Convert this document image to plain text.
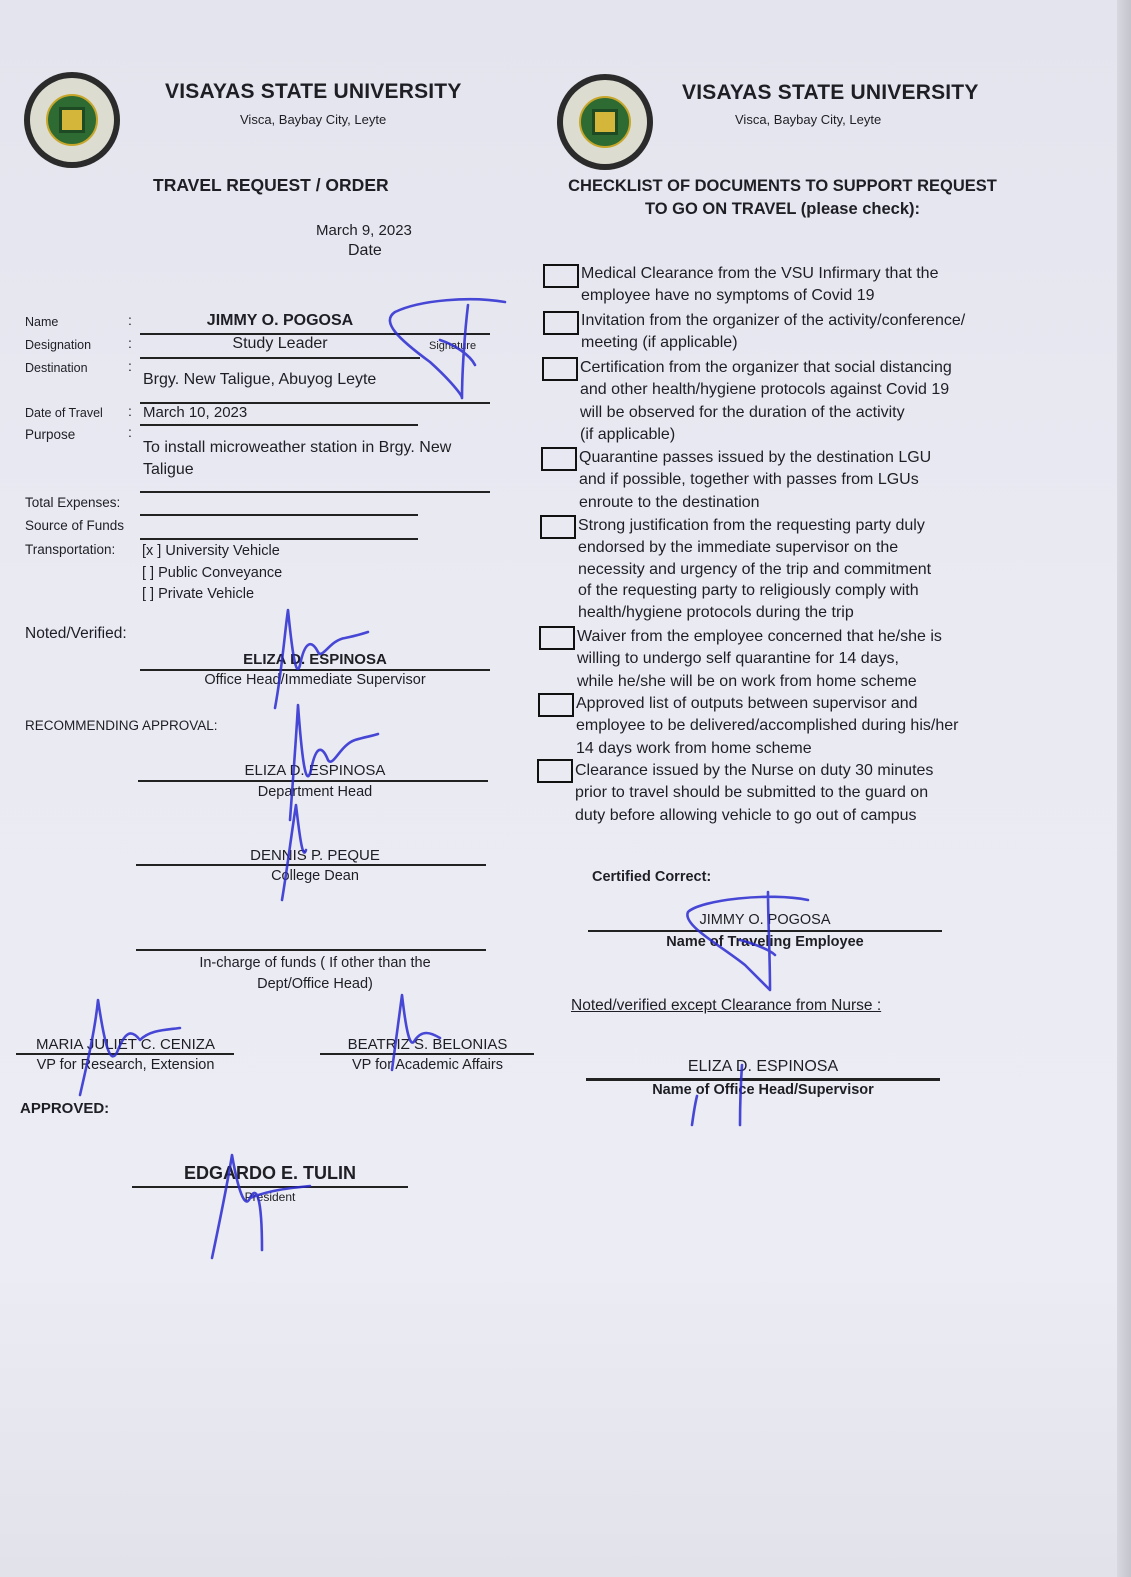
VISAYAS STATE UNIVERSITY
Visca, Baybay City, Leyte
TRAVEL REQUEST / ORDER
March 9, 2023
Date
Name	:	JIMMY O. POGOSA
Designation	:	Study Leader	Signature
Destination	:
Brgy. New Taligue, Abuyog Leyte
Date of Travel : March 10, 2023
Purpose	:
To install microweather station in Brgy. New
Taligue
Total Expenses:
Source of Funds
Transportation: [x ] University Vehicle
[ ] Public Conveyance
[ ] Private Vehicle
Noted/Verified:
ELIZA D. ESPINOSA
Office Head/Immediate Supervisor
RECOMMENDING APPROVAL:
ELIZA D. ESPINOSA
Department Head
DENNIS P. PEQUE
College Dean
In-charge of funds ( If other than the
Dept/Office Head)
MARIA JULIET C. CENIZA
VP for Research, Extension
BEATRIZ S. BELONIAS
VP for Academic Affairs
APPROVED:
EDGARDO E. TULIN
President
VISAYAS STATE UNIVERSITY
Visca, Baybay City, Leyte
CHECKLIST OF DOCUMENTS TO SUPPORT REQUEST
TO GO ON TRAVEL (please check):
Medical Clearance from the VSU Infirmary that the
employee have no symptoms of Covid 19
Invitation from the organizer of the activity/conference/
meeting (if applicable)
Certification from the organizer that social distancing
and other health/hygiene protocols against Covid 19
will be observed for the duration of the activity
(if applicable)
Quarantine passes issued by the destination LGU
and if possible, together with passes from LGUs
enroute to the destination
Strong justification from the requesting party duly
endorsed by the immediate supervisor on the
necessity and urgency of the trip and commitment
of the requesting party to religiously comply with
health/hygiene protocols during the trip
Waiver from the employee concerned that he/she is
willing to undergo self quarantine for 14 days,
while he/she will be on work from home scheme
Approved list of outputs between supervisor and
employee to be delivered/accomplished during his/her
14 days work from home scheme
Clearance issued by the Nurse on duty 30 minutes
prior to travel should be submitted to the guard on
duty before allowing vehicle to go out of campus
Certified Correct:
JIMMY O. POGOSA
Name of Traveling Employee
Noted/verified except Clearance from Nurse :
ELIZA D. ESPINOSA
Name of Office Head/Supervisor
